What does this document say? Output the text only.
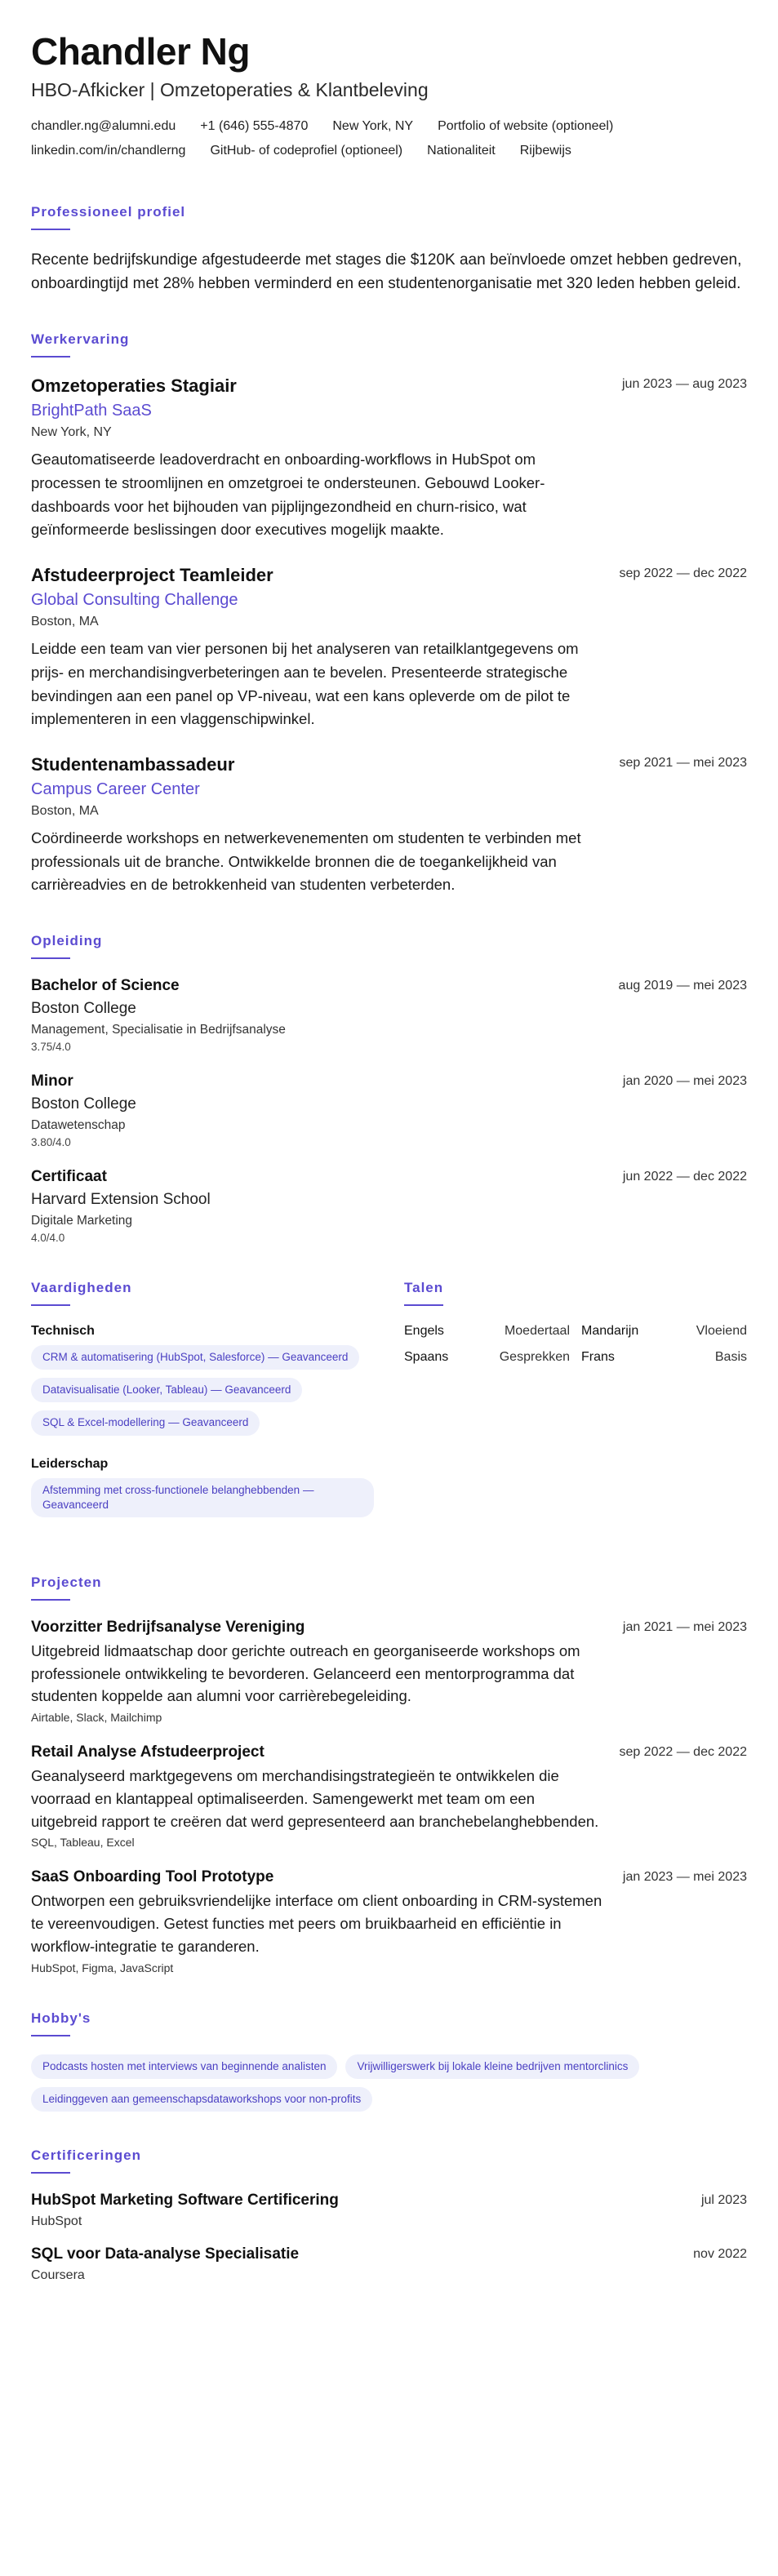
Chandler Ng
HBO-Afkicker | Omzetoperaties & Klantbeleving
chandler.ng@alumni.edu +1 (646) 555-4870 New York, NY Portfolio of website (optioneel)
linkedin.com/in/chandlerng GitHub- of codeprofiel (optioneel) Nationaliteit Rijbewijs
Professioneel profiel
Recente bedrijfskundige afgestudeerde met stages die $120K aan beïnvloede omzet hebben gedreven, onboardingtijd met 28% hebben verminderd en een studentenorganisatie met 320 leden hebben geleid.
Werkervaring
Omzetoperaties Stagiair
BrightPath SaaS
New York, NY
Geautomatiseerde leadoverdracht en onboarding-workflows in HubSpot om processen te stroomlijnen en omzetgroei te ondersteunen. Gebouwd Looker-dashboards voor het bijhouden van pijplijngezondheid en churn-risico, wat geïnformeerde beslissingen door executives mogelijk maakte.
jun 2023 — aug 2023
Afstudeerproject Teamleider
Global Consulting Challenge
Boston, MA
Leidde een team van vier personen bij het analyseren van retailklantgegevens om prijs- en merchandisingverbeteringen aan te bevelen. Presenteerde strategische bevindingen aan een panel op VP-niveau, wat een kans opleverde om de pilot te implementeren in een vlaggenschipwinkel.
sep 2022 — dec 2022
Studentenambassadeur
Campus Career Center
Boston, MA
Coördineerde workshops en netwerkevenementen om studenten te verbinden met professionals uit de branche. Ontwikkelde bronnen die de toegankelijkheid van carrièreadvies en de betrokkenheid van studenten verbeterden.
sep 2021 — mei 2023
Opleiding
Bachelor of Science
Boston College
Management, Specialisatie in Bedrijfsanalyse
3.75/4.0
aug 2019 — mei 2023
Minor
Boston College
Datawetenschap
3.80/4.0
jan 2020 — mei 2023
Certificaat
Harvard Extension School
Digitale Marketing
4.0/4.0
jun 2022 — dec 2022
Vaardigheden
Technisch
CRM & automatisering (HubSpot, Salesforce) — Geavanceerd
Datavisualisatie (Looker, Tableau) — Geavanceerd
SQL & Excel-modellering — Geavanceerd
Leiderschap
Afstemming met cross-functionele belanghebbenden — Geavanceerd
Talen
Engels	Moedertaal Mandarijn	Vloeiend
Spaans	Gesprekken Frans	Basis
Projecten
Voorzitter Bedrijfsanalyse Vereniging
Uitgebreid lidmaatschap door gerichte outreach en georganiseerde workshops om professionele ontwikkeling te bevorderen. Gelanceerd een mentorprogramma dat studenten koppelde aan alumni voor carrièrebegeleiding.
Airtable, Slack, Mailchimp
jan 2021 — mei 2023
Retail Analyse Afstudeerproject
Geanalyseerd marktgegevens om merchandisingstrategieën te ontwikkelen die voorraad en klantappeal optimaliseerden. Samengewerkt met team om een uitgebreid rapport te creëren dat werd gepresenteerd aan branchebelanghebbenden.
SQL, Tableau, Excel
sep 2022 — dec 2022
SaaS Onboarding Tool Prototype
Ontworpen een gebruiksvriendelijke interface om client onboarding in CRM-systemen te vereenvoudigen. Getest functies met peers om bruikbaarheid en efficiëntie in workflow-integratie te garanderen.
HubSpot, Figma, JavaScript
jan 2023 — mei 2023
Hobby's
Podcasts hosten met interviews van beginnende analisten	Vrijwilligerswerk bij lokale kleine bedrijven mentorclinics
Leidinggeven aan gemeenschapsdataworkshops voor non-profits
Certificeringen
HubSpot Marketing Software Certificering
HubSpot
jul 2023
SQL voor Data-analyse Specialisatie
Coursera
nov 2022
